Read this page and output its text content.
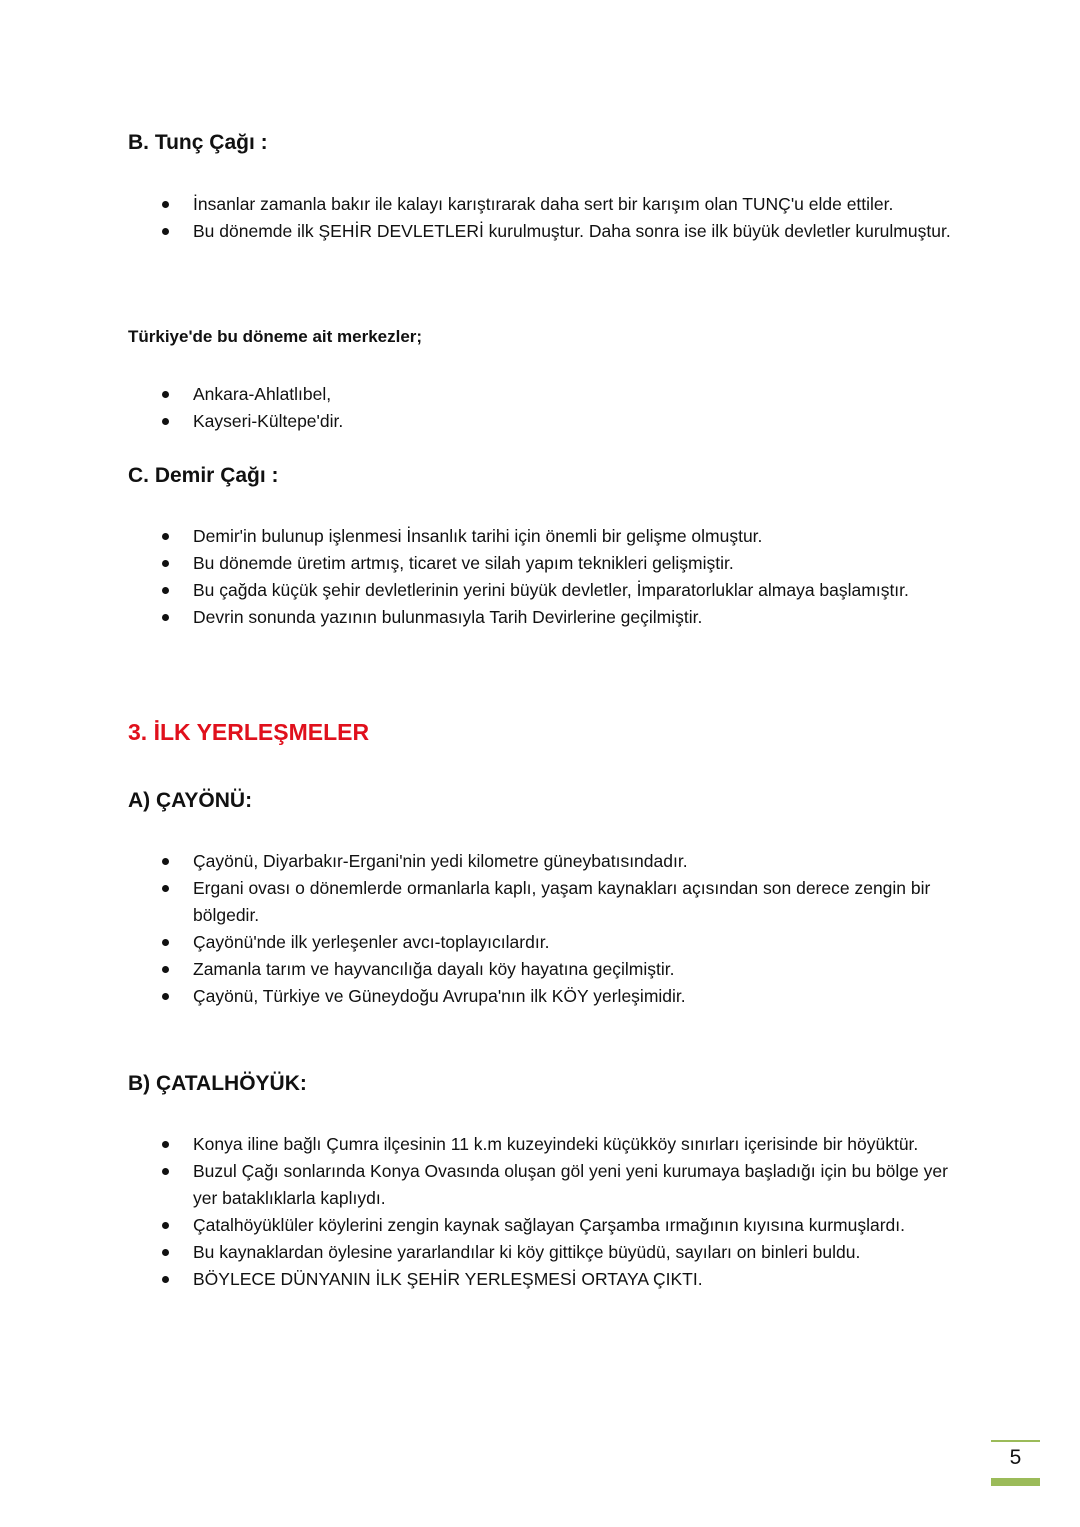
B. Tunç Çağı :
İnsanlar zamanla bakır ile kalayı karıştırarak daha sert bir karışım olan TUNÇ'u elde ettiler.
Bu dönemde ilk ŞEHİR DEVLETLERİ kurulmuştur. Daha sonra ise ilk büyük devletler kurulmuştur.
Türkiye'de bu döneme ait merkezler;
Ankara-Ahlatlıbel,
Kayseri-Kültepe'dir.
C. Demir Çağı :
Demir'in bulunup işlenmesi İnsanlık tarihi için önemli bir gelişme olmuştur.
Bu dönemde üretim artmış, ticaret ve silah yapım teknikleri gelişmiştir.
Bu çağda küçük şehir devletlerinin yerini büyük devletler, İmparatorluklar almaya başlamıştır.
Devrin sonunda yazının bulunmasıyla Tarih Devirlerine geçilmiştir.
3. İLK YERLEŞMELER
A) ÇAYÖNÜ:
Çayönü, Diyarbakır-Ergani'nin yedi kilometre güneybatısındadır.
Ergani ovası o dönemlerde ormanlarla kaplı, yaşam kaynakları açısından son derece zengin bir bölgedir.
Çayönü'nde ilk yerleşenler avcı-toplayıcılardır.
Zamanla tarım ve hayvancılığa dayalı köy hayatına geçilmiştir.
Çayönü, Türkiye ve Güneydoğu Avrupa'nın ilk KÖY yerleşimidir.
B) ÇATALHÖYÜK:
Konya iline bağlı Çumra ilçesinin 11 k.m kuzeyindeki küçükköy sınırları içerisinde bir höyüktür.
Buzul Çağı sonlarında Konya Ovasında oluşan göl yeni yeni kurumaya başladığı için bu bölge yer yer bataklıklarla kaplıydı.
Çatalhöyüklüler köylerini zengin kaynak sağlayan Çarşamba ırmağının kıyısına kurmuşlardı.
Bu kaynaklardan öylesine yararlandılar ki köy gittikçe büyüdü, sayıları on binleri buldu.
BÖYLECE DÜNYANIN İLK ŞEHİR YERLEŞMESİ ORTAYA ÇIKTI.
5
